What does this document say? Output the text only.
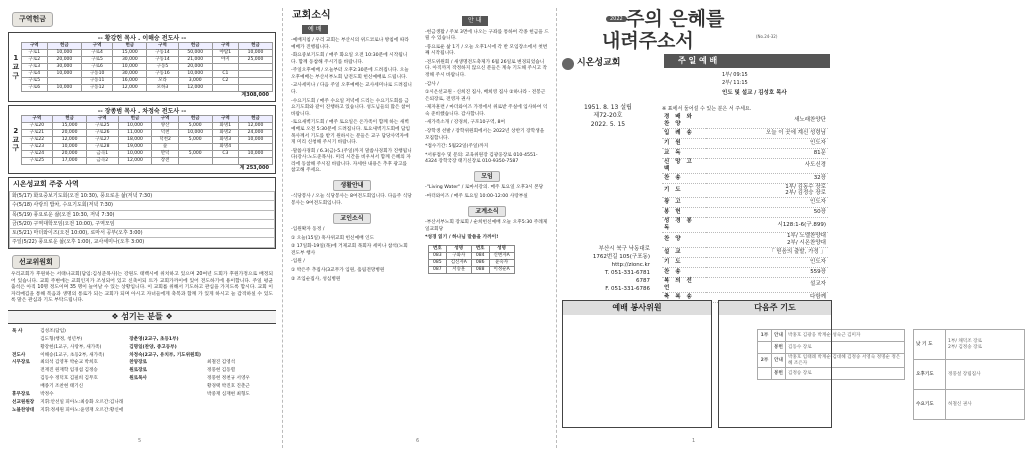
구역헌금
-- 황강헌 목사 . 이해승 전도사 --
1
교
구
구역	헌금	구역	헌금	구역	헌금	구역	헌금
구로1	10,000	구로4	15,000	구동14	50,000	야탑1	10,000
구로2	20,000	구로5	30,000	구동14	21,000	야지	25,000
구로3	30,000	구로6	10,000	구동5	20,000		
구로4	10,000	구동10	30,000	구동16	10,000	C1	
구로5		구동11	16,000	모라	3,000	C2	
구로6	10,000	구동12	12,000	모하3	12,000		
계308,000
-- 장종범 목사 . 차정숙 전도사 --
2
교
구
구역	헌금	구역	헌금	구역	헌금	구역	헌금
구로20	15,000	구로25	10,000	양산	5,000	화명1	12,000
구로21	20,000	구로26	11,000	덕천	10,000	화명2	24,000
구로22	12,000	구로27	18,000	덕천2	5,000	화명3	10,000
구로23	10,000	구로28	19,000	숲		화명4	
구로24	20,000	금곡1	10,000	만덕	5,000	C3	10,000
구로25	17,000	금곡2	12,000	장전			
계 253,000
시온성교회 주중 사역
화(5/17) 화요중보기도회(오전 10:30), 풍요로운 삶(저녁 7:30)
수(5/18) 사랑의 밥차, 수요기도회(저녁 7:30)
목(5/19) 풍요로운 삶(오전 10:30, 저녁 7:30)
금(5/20) 구역대학모임(오전 10:00), 구역모임
토(5/21) 마더와이즈(오전 10:00), 로마서 공부(오후 3:00)
주일(5/22) 풍요로운 삶(오후 1:00), 교사세미나(오후 3:00)
선교위원회
우리교회가 후원하는 서태나교회(담임:김성준목사)는 강원도 태백시에 위치하고 있으며 20여년 도회가 후원가정으로 배정되어 있습니다. 교회 주변에는 교회인지가 조성되어 있고 신축이되 트가 교회가까이에 있어 전도하기에 용이합니다. 주일 평균 출석은 아직 10명 정도이며 35 명이 늘어날 수 있는 상황입니다. 이 교회를 위해서 기도하고 관심을 가지도록 합시다. 교회 이 자리매김을 통해 복음과 생명의 통로가 되는 교회가 되며 아시고 자녀들에게 축복과 함께 가 있게 하시고 늘 감격하실 수 있도록 말은 관심과 기도 부탁드립니다.
❖ 섬기는 분들 ❖
목 사	김성조(담임)		
	김도형(행정, 청년부)	장춘영(2교구, 초등1부)	
	황강헌(1교구, 사랑부, 새가족)	김명일(찬양, 중고등부)	
전도사	이해승(1교구, 초등2부, 새가족)	차정숙(2교구, 유치부, 기도위원회)	
시무장로	최의석 김영후 박순교 박희호	찬양장로	최철진 김영석
	전재진 원재학 임경섭 김정승	원로장로	정풍현 김동렬
	김동수 정덕호 김필희 김무호	원로목사	정풍현 정천규 서영우
	배종기 조찬현 태기신		황경택 박진호 진춘근
휴무장로	박정수		박중재 심재현 최형도
선교원원장	지휘:안선일 피아노:최송화 오르간:김나래		
노블찬양대	지휘:정세원 피아노:윤영재 오르간:황신애		
5
교회소식
예 배
-예배지침 / 우리 교회는 부산시의 위드코로나 방침에 따라 예배가 진행됩니다.
-화요중보기도회 / 매주 화요일 오전 10:30분에 시작됩니다. 함께 동참해 주시기를 바랍니다.
-주일오후예배 / 오늘부터 오후2:30분에 드려집니다. 오늘 오후예배는 부산서부노회 남전도회 헌신예배로 드립니다.
-교사세미나 / 다음 주일 오후예배는 교사세미나로 드려집니다.
-수요기도회 / 매주 수요일 저녁에 드리는 수요기도회를 금요기도회와 같이 진행하고 있습니다. 성도님들의 많은 참여 바랍니다.
-토요새벽기도회 / 매주 토요일은 온가족이 함께 하는 새벽예배로 오전 5:30분에 드려집니다. 토요새벽기도회에 담임목사께서 기도를 받기 원하시는 분들은 교구 담당사역자에게 미리 신청해 주시기 바랍니다.
-말씀사경회 / 6.3(금)-5.(주일)까지 말씀사경회가 진행됩니다(강사:노도준목사). 미리 시간을 비우셔서 함께 은혜의 자리에 동참해 주시길 바랍니다. 자세한 내용은 추후 광고를 참고해 주세요.
생활안내
-식당봉사 / 오늘 식당봉사는 8여전도회입니다. 다음주 식당봉사는 9여전도회입니다.
교인소식
-입원확자 동정 /
① 오늘(15일) 흑사위교회 헌신예배 인도
② 17일화-19일(목)에 거제교회 목회자 세미나 참석(노회 전도부 행사
-입원 /
① 박은주 추집사(3교무가 입원, 흘림전망병원
② 조입순집사, 성심병원
안 내
-헌금생활 / 주보 3면에 나오는 구좌를 통하여 각종 헌금을 드릴 수 있습니다.
-풍요로운 삶 1기 / 오늘 오후1시에 각 반 모임장소에서 첫번째 시작됩니다.
-전도위원회 / 새생명전도축제가 6월 26일로 변경되었습니다. 아직까지 작정하지 않으신 분들은 계속 기도해 주시고 작정해 주시 바랍니다.
-감사 /
①시온선교원 - 신희진 집사, 배희영 집사 ②하나라 - 전봉근 은퇴장로, 전영자 권사
-제자훈련 / 마더와이즈 가정에서 위로받 주실에 입사하여 익숙 준비했습니다. 감사합니다.
-새가족소개 / 강경희, 구포10구역, 8여
-장학생 선발 / 장학위원회에서는 2022년 상반기 장학생을 모집합니다.
*접수기간: 5월22일(주일)까지
*서류접수 및 문의: 교육위원장 김광웅장로 010-4551-4324 장학국장 태기신장로 010-9350-7587
모임
-"Living Water" / 로마서강의. 매주 토요일 오후3시 본당
-마더와이즈 / 매주 토요일 10:00-12:00 사랑부실
교계소식
-부산서부노회 장로회 / 순희헌신예배 오늘 오후5:30 주례제일교회당
*성경 읽기 / 하나님 말씀을 가까이!
번호	성명	번호	성명
083	구화자	084	신변자A
085	김신자A	086	윤숙자
087	서승훈	088	이정순A
6
2022 주의 은혜를
내려주소서	(No.24-32)
시온성교회	주 일 예 배
1부/ 09:15
2부/ 11:15
인도 및 설교 / 김성호 목사
1951. 8. 13 설립
제72-20호
2022. 5. 15
※ 표에서 둘어설 수 있는 분은 서 주세요.
경 배 와 찬 양	새노래찬양단
입 례 송	오늘 이 곳에 계신 성령님
기 원	인도자
교 독	81문
신 앙 고 백	사도신경
찬 송	32장
기 도	1부/ 김동수 장로
2부/ 김정승 장로
광 고	인도자
봉 헌	50장
성 경 봉 독	시128:1-6(구.899)
찬 양	1부/ 노엘찬양대
2부/ 시온찬양대
설 교	「 믿음의 출발, 가정 」
기 도	인도자
찬 송	559장
복 의 선 언	설교자
축 복 송	다함께
부산시 북구 낙동대로
1762번길 105(구포동)
http://zionc.kr
T. 051-331-6781
6787
F. 051-331-6786
예배 봉사위원
1부	안내	박홍호 김광웅 박계순 성숙근 김미자
	봉헌	김동수 장로
2부	안내	박홍호 임태례 박계순 김대혜 김정숭 서영숙 정명순 정은혜 조은자
	봉헌	김정승 장로
다음주 기도
낮 기 도	1부/ 채덕조 장로
2부/ 김정숭 장로
오후기도	정풍설 장립집사
수요기도	허철신 권사
1
